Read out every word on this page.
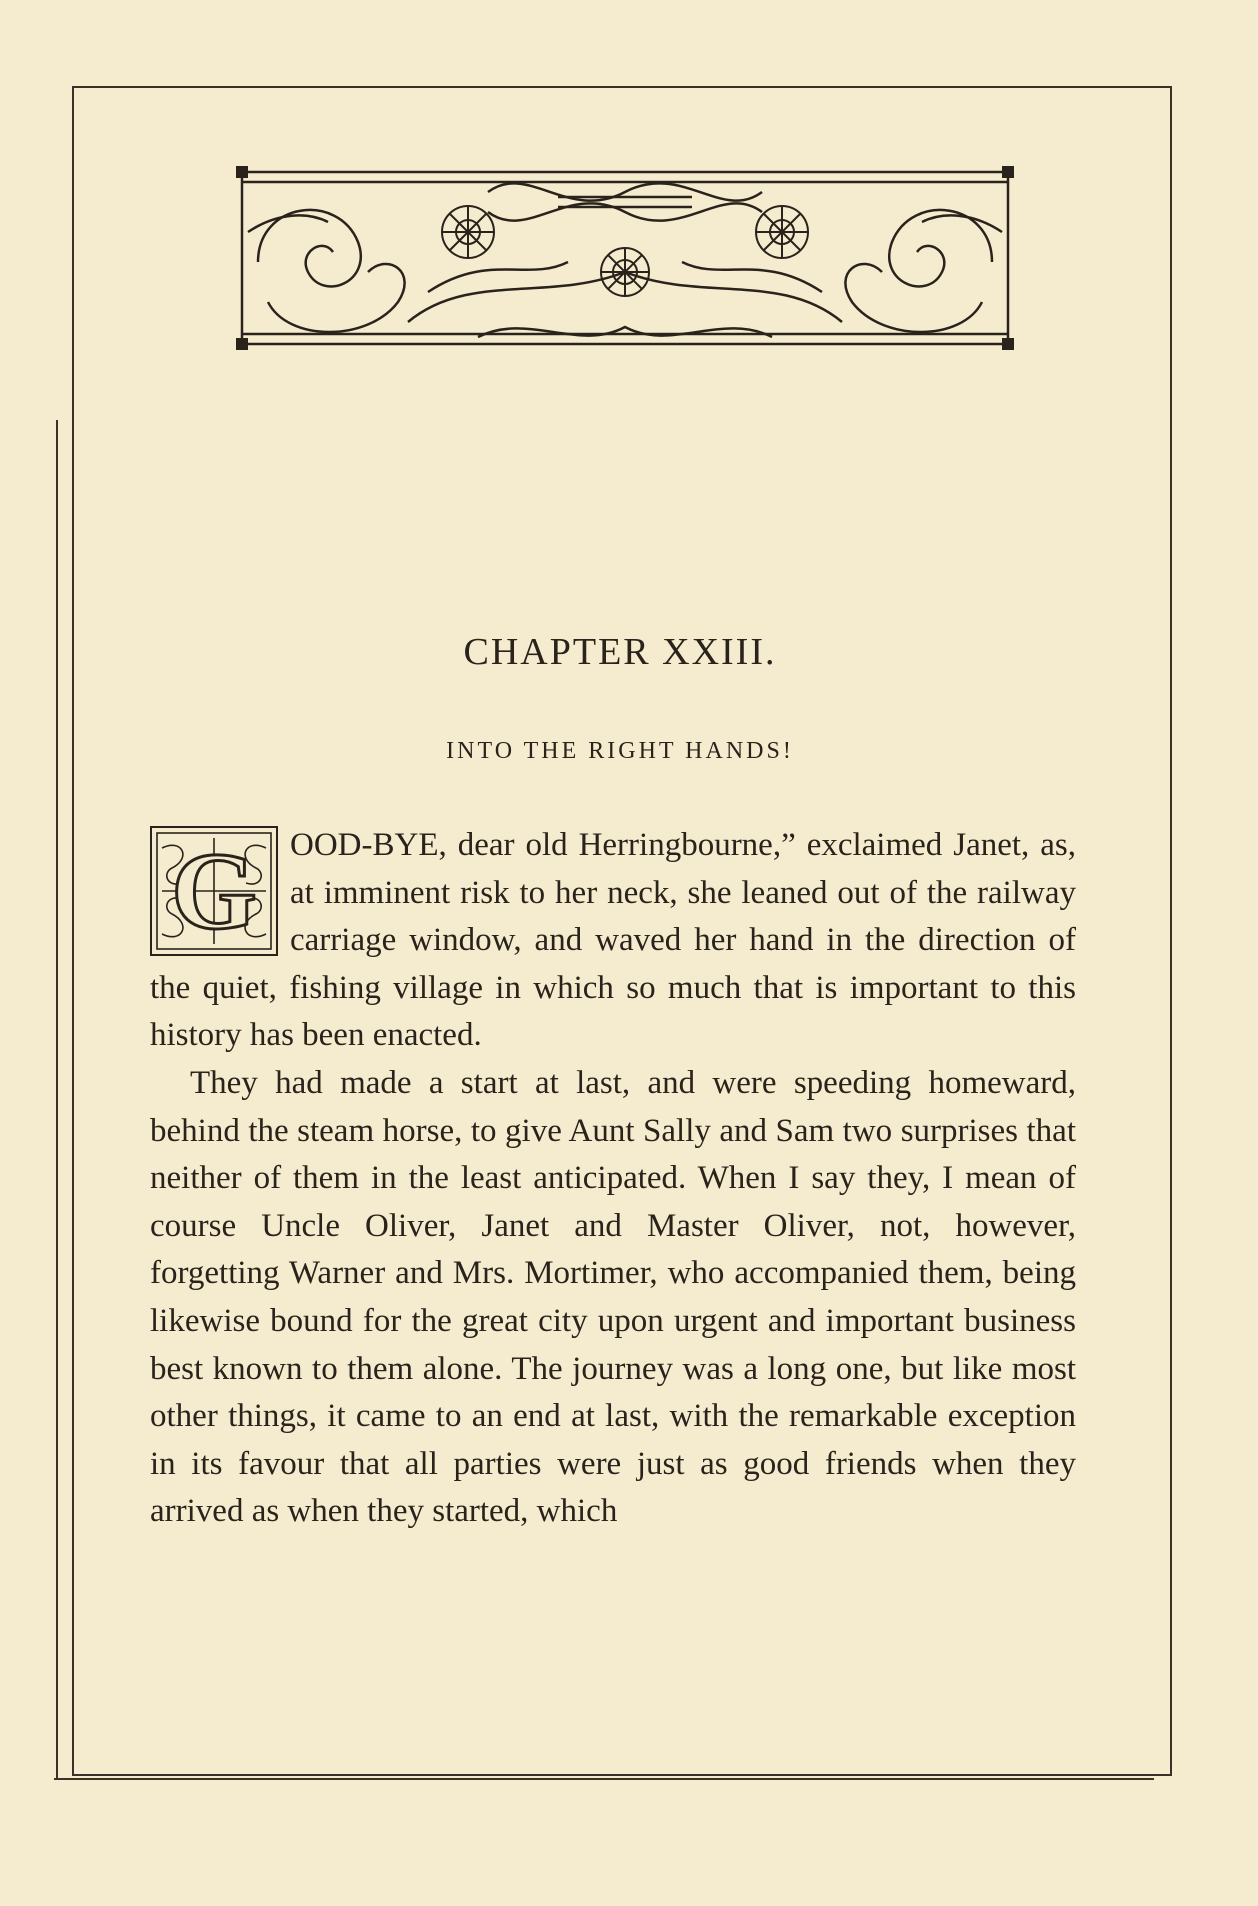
CHAPTER XXIII.
INTO THE RIGHT HANDS!
G	OOD-BYE, dear old Herringbourne,” exclaimed Janet, as, at imminent risk to her neck, she leaned out of the railway carriage window, and waved her hand in the direction of the quiet, fishing village in which so much that is important to this history has been enacted.

They had made a start at last, and were speeding homeward, behind the steam horse, to give Aunt Sally and Sam two surprises that neither of them in the least anticipated. When I say they, I mean of course Uncle Oliver, Janet and Master Oliver, not, however, forgetting Warner and Mrs. Mortimer, who accompanied them, being likewise bound for the great city upon urgent and important business best known to them alone. The journey was a long one, but like most other things, it came to an end at last, with the remarkable exception in its favour that all parties were just as good friends when they arrived as when they started, which
